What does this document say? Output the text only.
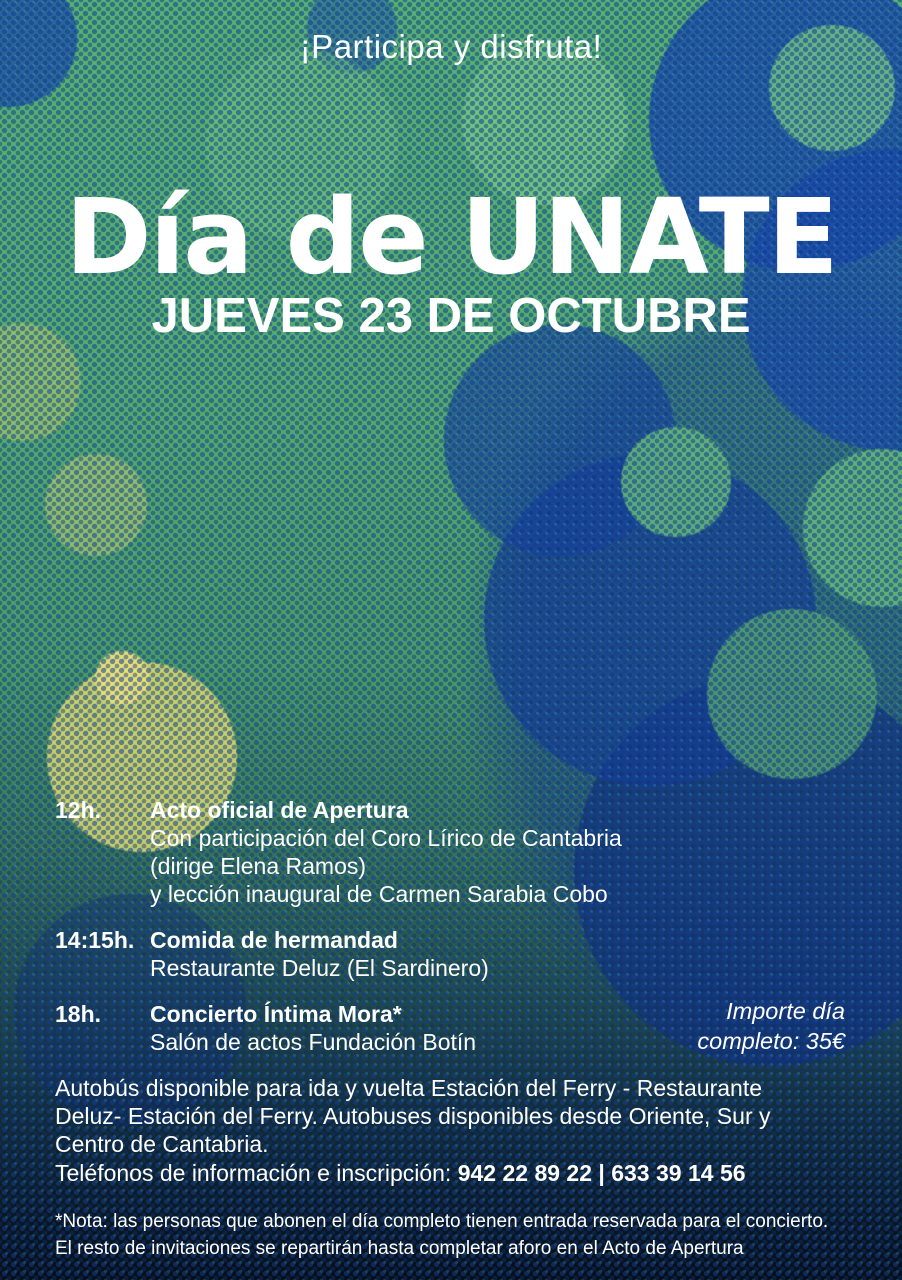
¡Participa y disfruta!
Día de UNATE
JUEVES 23 DE OCTUBRE
12h.	Acto oficial de Apertura
Con participación del Coro Lírico de Cantabria
(dirige Elena Ramos)
y lección inaugural de Carmen Sarabia Cobo
14:15h. Comida de hermandad
Restaurante Deluz (El Sardinero)
18h.	Concierto Íntima Mora*
Salón de actos Fundación Botín
Autobús disponible para ida y vuelta Estación del Ferry - Restaurante
Deluz- Estación del Ferry. Autobuses disponibles desde Oriente, Sur y
Centro de Cantabria.
Teléfonos de información e inscripción: 942 22 89 22 | 633 39 14 56
*Nota: las personas que abonen el día completo tienen entrada reservada para el concierto.
El resto de invitaciones se repartirán hasta completar aforo en el Acto de Apertura
Importe día
completo: 35€
